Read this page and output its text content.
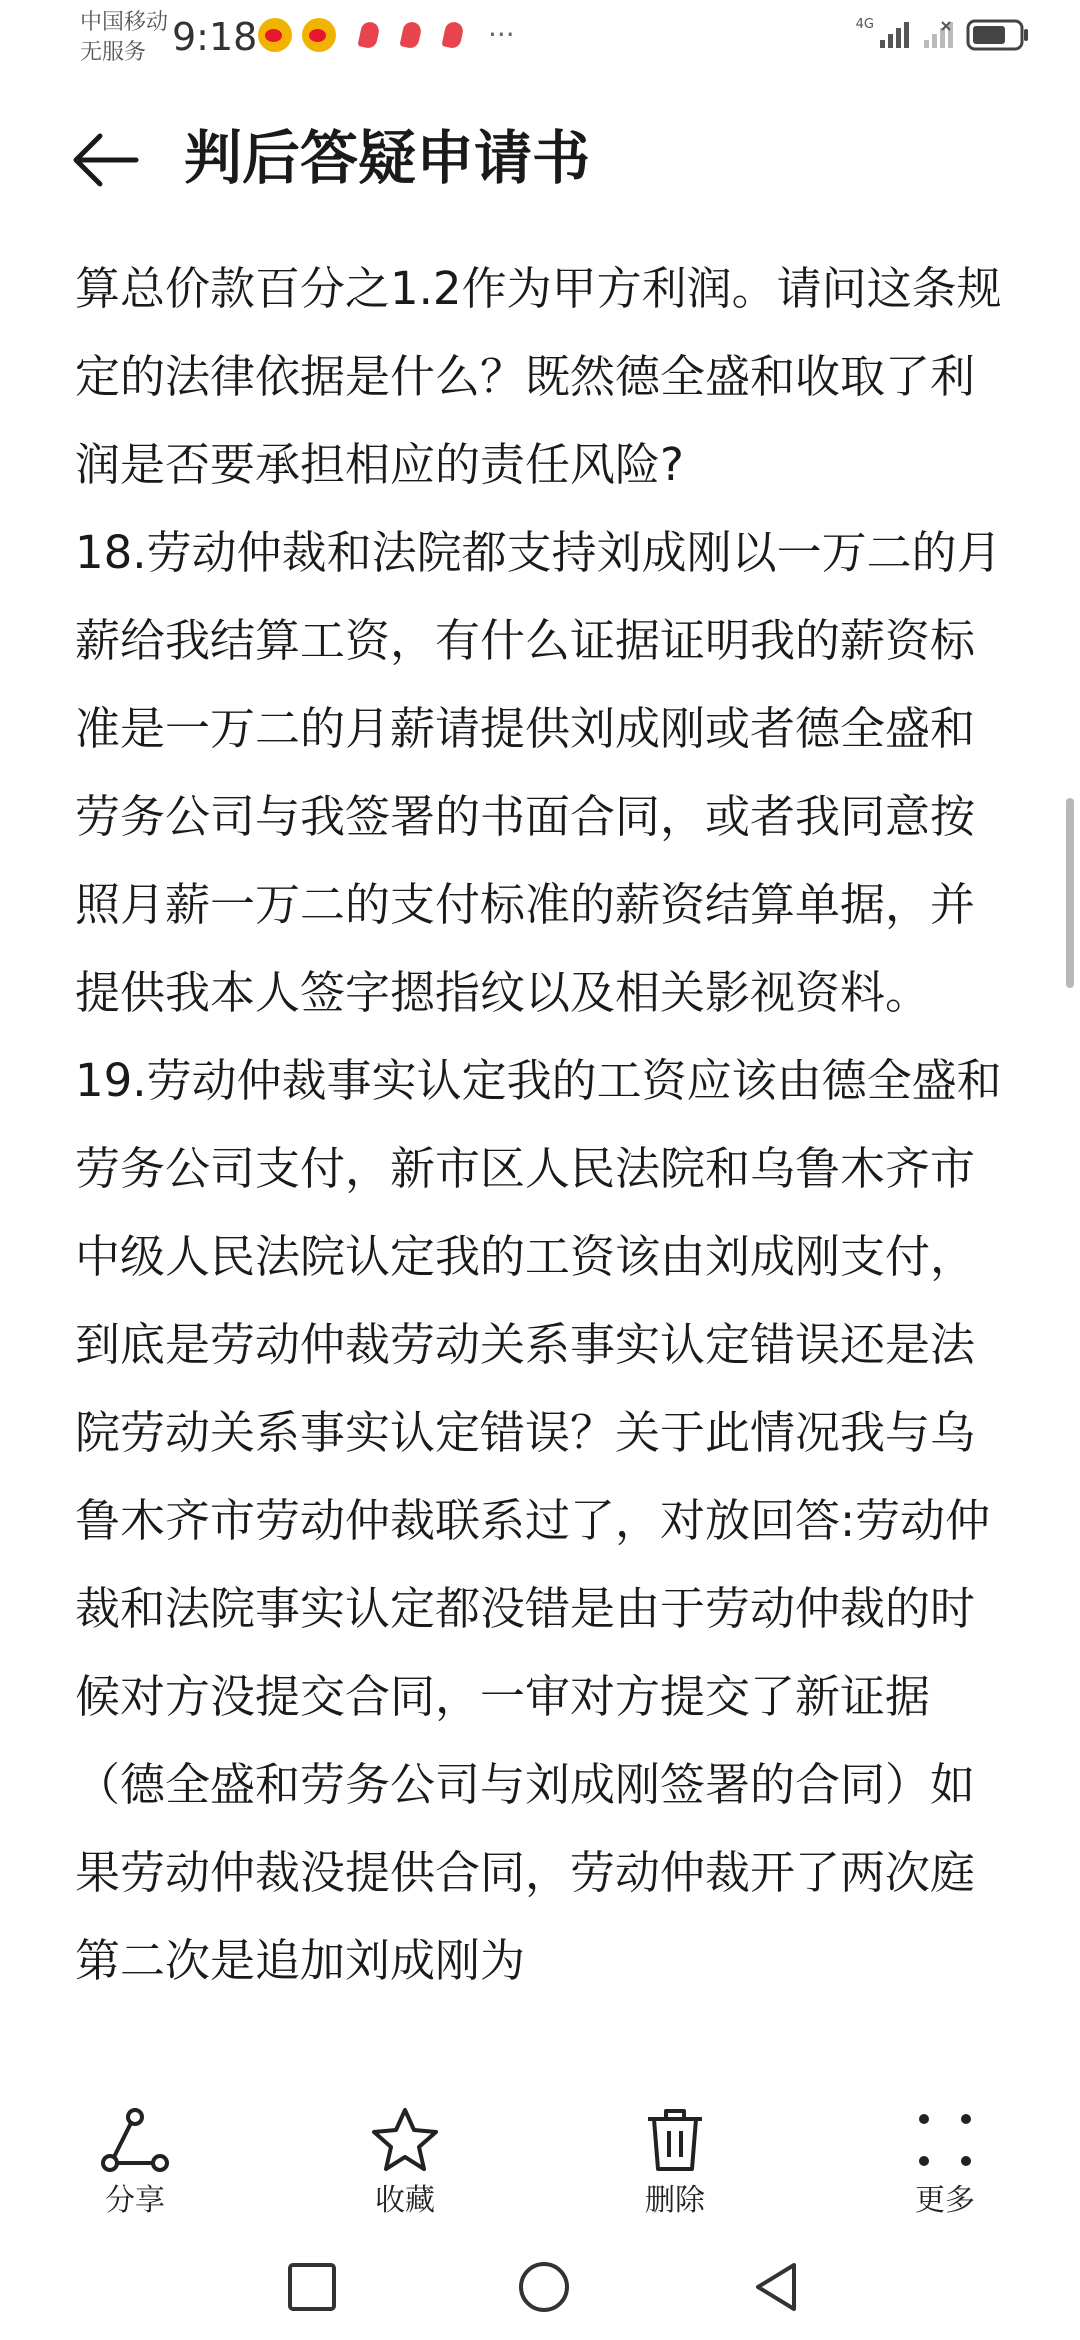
中国移动
无服务 9:18	···	4G
判后答疑申请书

算总价款百分之1.2作为甲方利润。请问这条规定的法律依据是什么？既然德全盛和收取了利润是否要承担相应的责任风险?

18.劳动仲裁和法院都支持刘成刚以一万二的月薪给我结算工资，有什么证据证明我的薪资标准是一万二的月薪请提供刘成刚或者德全盛和劳务公司与我签署的书面合同，或者我同意按照月薪一万二的支付标准的薪资结算单据，并提供我本人签字摁指纹以及相关影视资料。

19.劳动仲裁事实认定我的工资应该由德全盛和劳务公司支付，新市区人民法院和乌鲁木齐市中级人民法院认定我的工资该由刘成刚支付，到底是劳动仲裁劳动关系事实认定错误还是法院劳动关系事实认定错误？关于此情况我与乌鲁木齐市劳动仲裁联系过了，对放回答:劳动仲裁和法院事实认定都没错是由于劳动仲裁的时候对方没提交合同，一审对方提交了新证据（德全盛和劳务公司与刘成刚签署的合同）如果劳动仲裁没提供合同，劳动仲裁开了两次庭第二次是追加刘成刚为

分享	收藏	删除	更多
